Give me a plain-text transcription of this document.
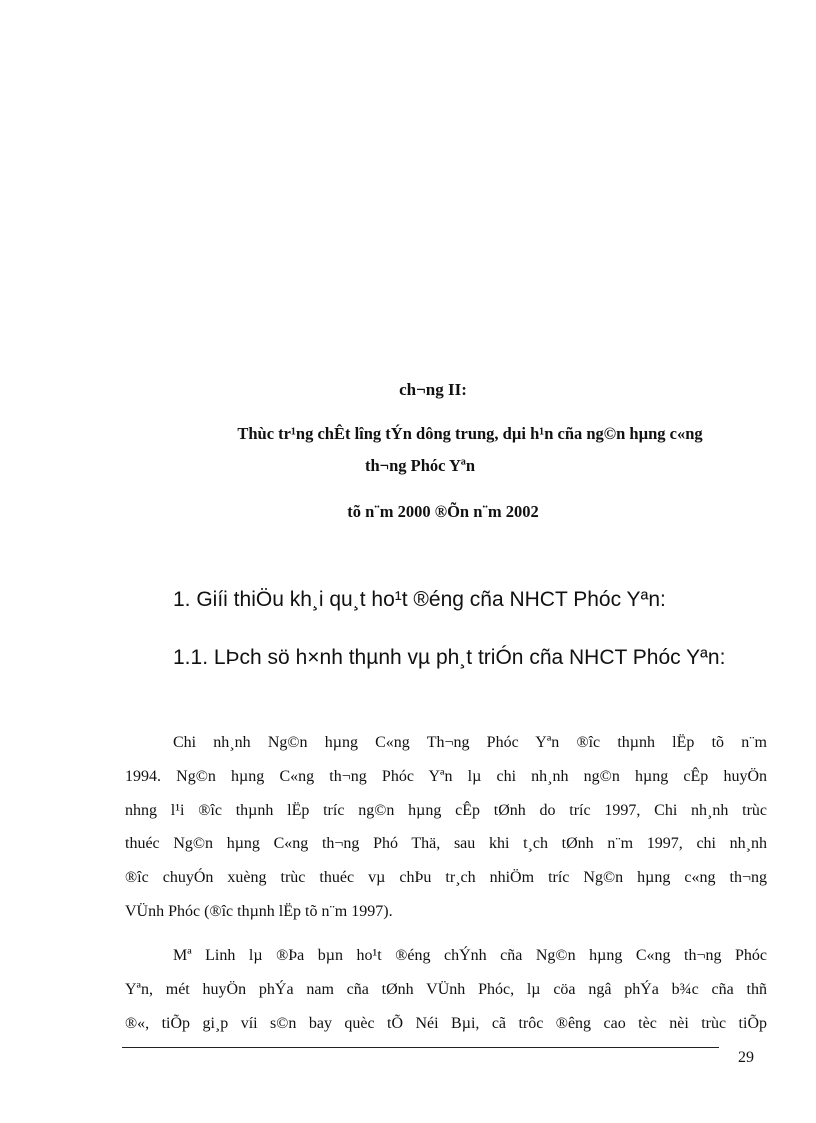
ch¬ng II:
Thùc tr¹ng chÊt lîng tÝn dông trung, dµi h¹n cña ng©n hµng c«ng
th¬ng Phóc Yªn
tõ n¨m 2000 ®Õn n¨m 2002
1. Giíi thiÖu kh¸i qu¸t ho¹t ®éng cña NHCT Phóc Yªn:
1.1. LÞch sö h×nh thµnh vµ ph¸t triÓn cña NHCT Phóc Yªn:
Chi nh¸nh Ng©n hµng C«ng Th¬ng Phóc Yªn ®îc thµnh lËp tõ n¨m
1994. Ng©n hµng C«ng th¬ng Phóc Yªn lµ chi nh¸nh ng©n hµng cÊp huyÖn
nhng l¹i ®îc thµnh lËp tríc ng©n hµng cÊp tØnh do tríc 1997, Chi nh¸nh trùc
thuéc Ng©n hµng C«ng th¬ng Phó Thä, sau khi t¸ch tØnh n¨m 1997, chi nh¸nh
®îc chuyÓn xuèng trùc thuéc vµ chÞu tr¸ch nhiÖm tríc Ng©n hµng c«ng th¬ng
VÜnh Phóc (®îc thµnh lËp tõ n¨m 1997).
Mª Linh lµ ®Þa bµn ho¹t ®éng chÝnh cña Ng©n hµng C«ng th¬ng Phóc
Yªn, mét huyÖn phÝa nam cña tØnh VÜnh Phóc, lµ cöa ngâ phÝa b¾c cña thñ
®«, tiÕp gi¸p víi s©n bay quèc tÕ Néi Bµi, cã trôc ®êng cao tèc nèi trùc tiÕp
29
